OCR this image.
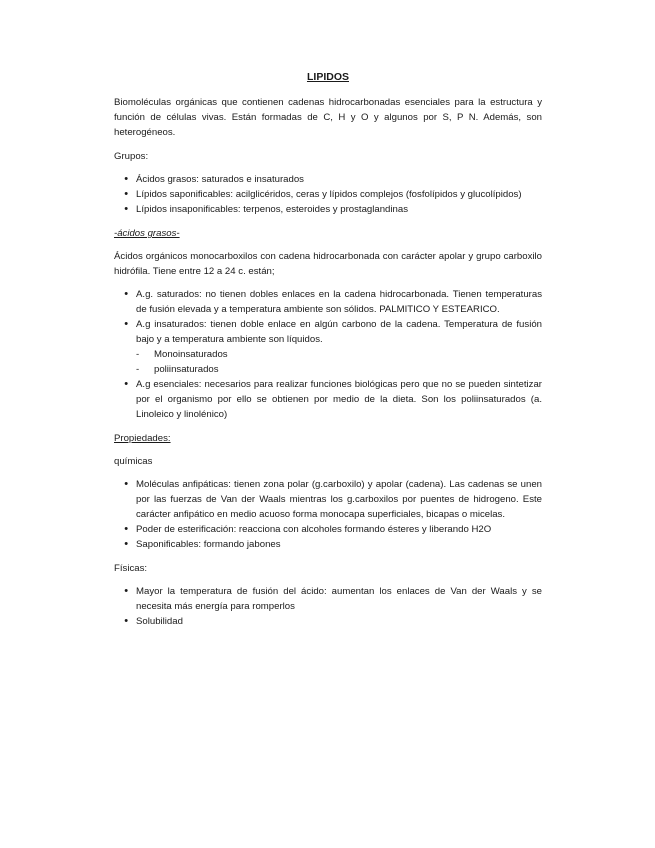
LIPIDOS

Biomoléculas orgánicas que contienen cadenas hidrocarbonadas esenciales para la estructura y función de células vivas. Están formadas de C, H y O y algunos por S, P N. Además, son heterogéneos.

Grupos:

• Ácidos grasos: saturados e insaturados
• Lípidos saponificables: acilglicéridos, ceras y lípidos complejos (fosfolípidos y glucolípidos)
• Lípidos insaponificables: terpenos, esteroides y prostaglandinas

-ácidos grasos-

Ácidos orgánicos monocarboxilos con cadena hidrocarbonada con carácter apolar y grupo carboxilo hidrófila. Tiene entre 12 a 24 c. están;

• A.g. saturados: no tienen dobles enlaces en la cadena hidrocarbonada. Tienen temperaturas de fusión elevada y a temperatura ambiente son sólidos. PALMITICO Y ESTEARICO.
• A.g insaturados: tienen doble enlace en algún carbono de la cadena. Temperatura de fusión bajo y a temperatura ambiente son líquidos.
- Monoinsaturados
- poliinsaturados
• A.g esenciales: necesarios para realizar funciones biológicas pero que no se pueden sintetizar por el organismo por ello se obtienen por medio de la dieta. Son los poliinsaturados (a. Linoleico y linolénico)

Propiedades:

químicas

• Moléculas anfipáticas: tienen zona polar (g.carboxilo) y apolar (cadena). Las cadenas se unen por las fuerzas de Van der Waals mientras los g.carboxilos por puentes de hidrogeno. Este carácter anfipático en medio acuoso forma monocapa superficiales, bicapas o micelas.
• Poder de esterificación: reacciona con alcoholes formando ésteres y liberando H2O
• Saponificables: formando jabones

Físicas:

• Mayor la temperatura de fusión del ácido: aumentan los enlaces de Van der Waals y se necesita más energía para romperlos
• Solubilidad
